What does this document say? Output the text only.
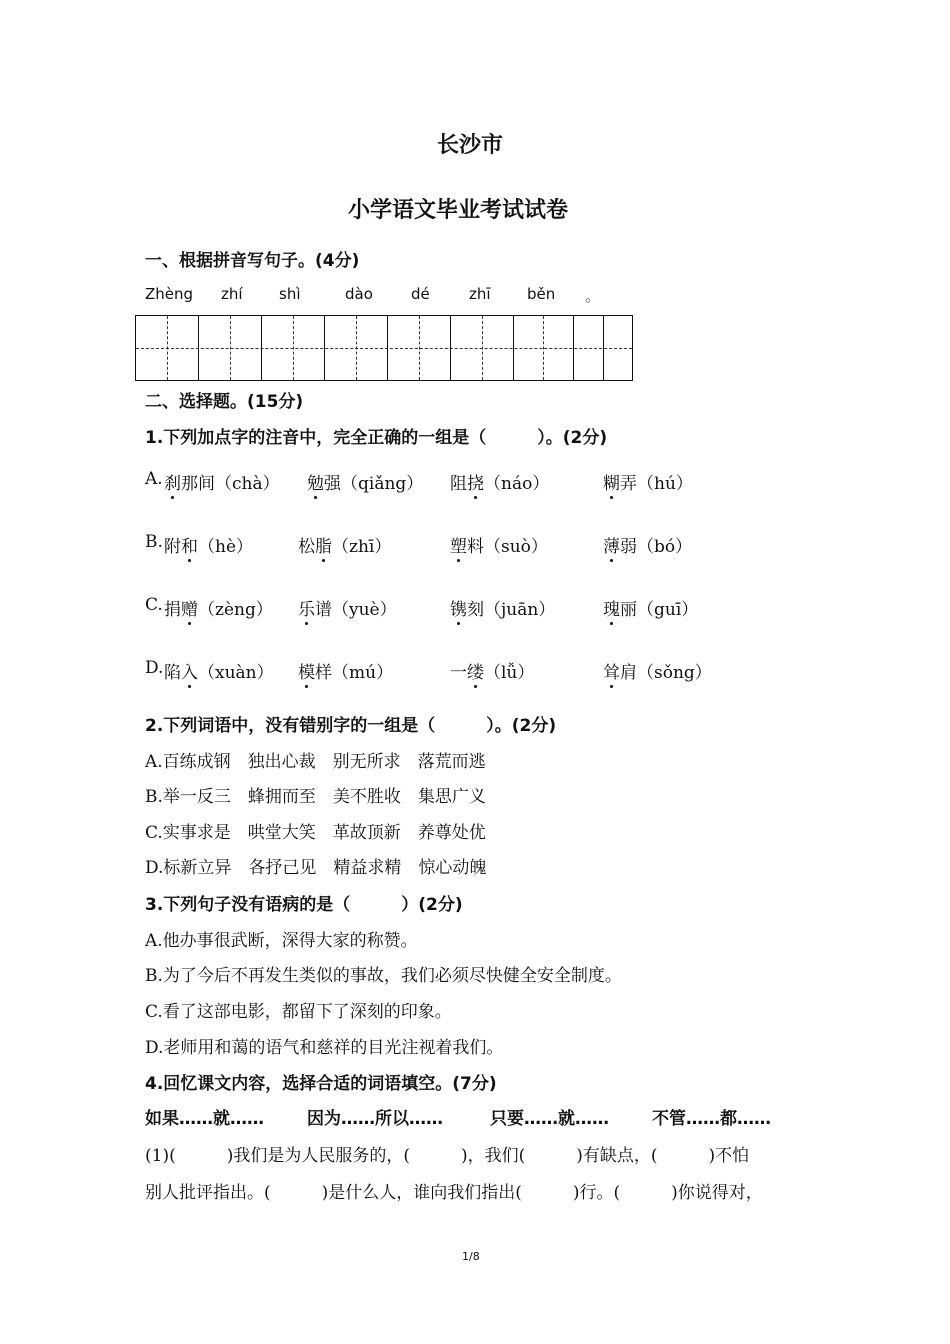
长沙市
小学语文毕业考试试卷
一、根据拼音写句子。(4分)
Zhèng zhí shì	dào	dé	zhī běn 。
二、选择题。(15分)
1.下列加点字的注音中，完全正确的一组是（　　　）。(2分)
A. 刹那间（chà） 勉强（qiǎng） 阻挠（náo）	糊弄（hú）
B. 附和（hè）	松脂（zhī）	塑料（suò）	薄弱（bó）
C. 捐赠（zèng） 乐谱（yuè）	镌刻（juān）	瑰丽（guī）
D. 陷入（xuàn） 模样（mú）	一缕（lǚ）	耸肩（sǒng）
2.下列词语中，没有错别字的一组是（　　　）。(2分)
A.百练成钢　独出心裁　别无所求　落荒而逃
B.举一反三　蜂拥而至　美不胜收　集思广义
C.实事求是　哄堂大笑　革故顶新　养尊处优
D.标新立异　各抒己见　精益求精　惊心动魄
3.下列句子没有语病的是（　　　）(2分)
A.他办事很武断，深得大家的称赞。
B.为了今后不再发生类似的事故，我们必须尽快健全安全制度。
C.看了这部电影，都留下了深刻的印象。
D.老师用和蔼的语气和慈祥的目光注视着我们。
4.回忆课文内容，选择合适的词语填空。(7分)
如果……就……	因为……所以……	只要……就……	不管……都……
(1)(　　　)我们是为人民服务的，(　　　)，我们(　　　)有缺点，(　　　)不怕
别人批评指出。(　　　)是什么人，谁向我们指出(　　　)行。(　　　)你说得对，
1/8
